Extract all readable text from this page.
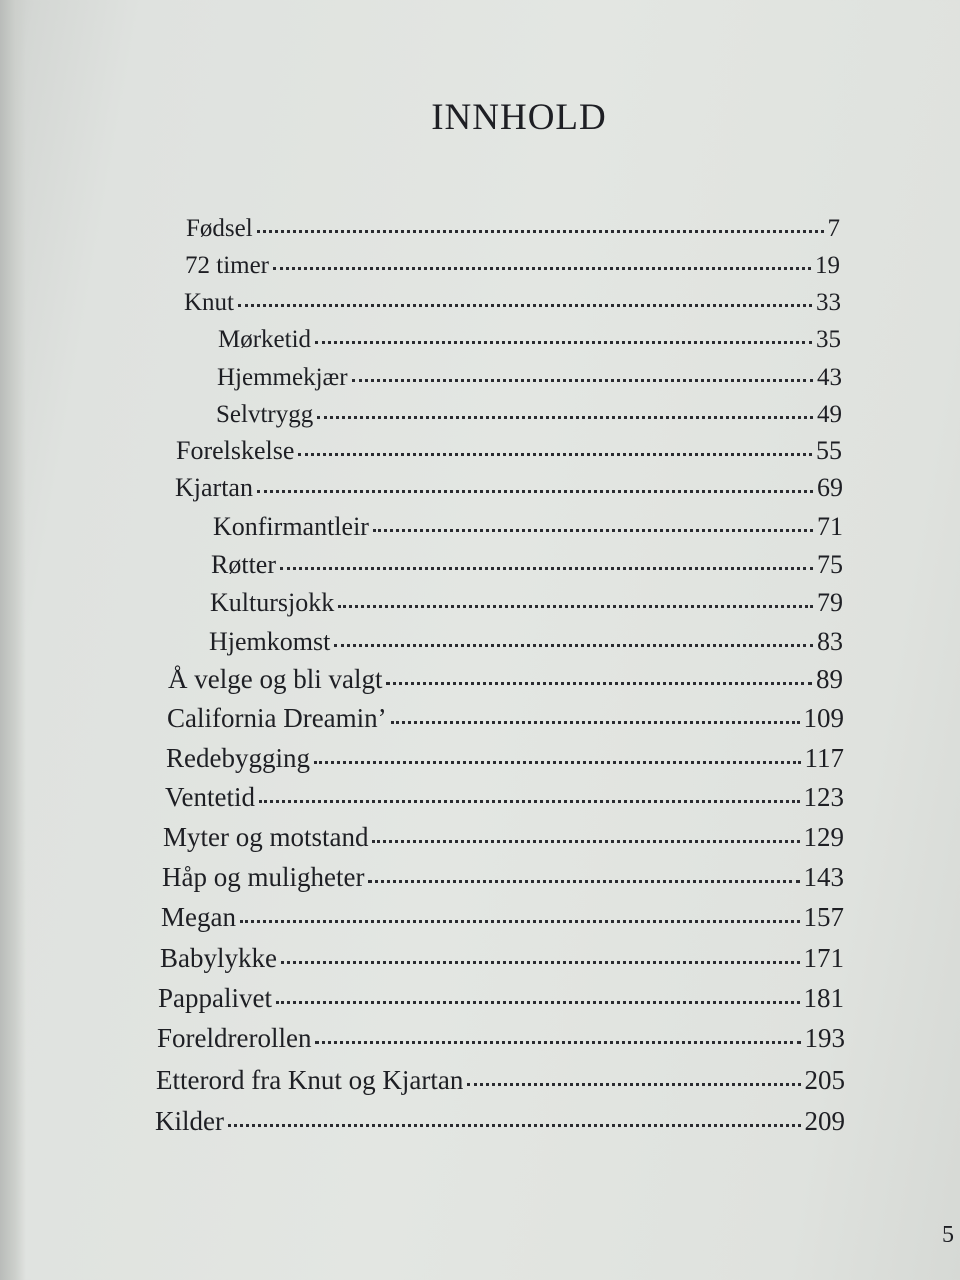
INNHOLD
Fødsel	7
72 timer	19
Knut	33
Mørketid	35
Hjemmekjær	43
Selvtrygg	49
Forelskelse	55
Kjartan	69
Konfirmantleir	71
Røtter	75
Kultursjokk	79
Hjemkomst	83
Å velge og bli valgt	89
California Dreamin’	109
Redebygging	117
Ventetid	123
Myter og motstand	129
Håp og muligheter	143
Megan	157
Babylykke	171
Pappalivet	181
Foreldrerollen	193
Etterord fra Knut og Kjartan	205
Kilder	209
5
